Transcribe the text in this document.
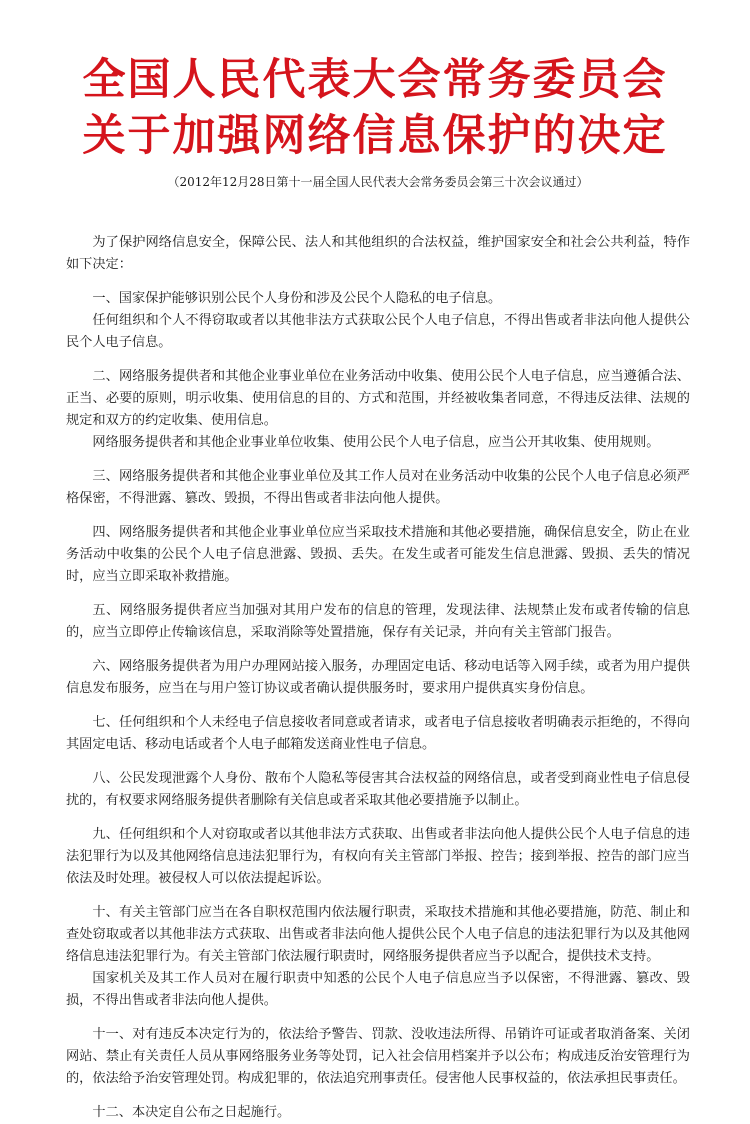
全国人民代表大会常务委员会
关于加强网络信息保护的决定
（2012年12月28日第十一届全国人民代表大会常务委员会第三十次会议通过）

为了保护网络信息安全，保障公民、法人和其他组织的合法权益，维护国家安全和社会公共利益，特作如下决定：

一、国家保护能够识别公民个人身份和涉及公民个人隐私的电子信息。

任何组织和个人不得窃取或者以其他非法方式获取公民个人电子信息，不得出售或者非法向他人提供公民个人电子信息。

二、网络服务提供者和其他企业事业单位在业务活动中收集、使用公民个人电子信息，应当遵循合法、正当、必要的原则，明示收集、使用信息的目的、方式和范围，并经被收集者同意，不得违反法律、法规的规定和双方的约定收集、使用信息。

网络服务提供者和其他企业事业单位收集、使用公民个人电子信息，应当公开其收集、使用规则。

三、网络服务提供者和其他企业事业单位及其工作人员对在业务活动中收集的公民个人电子信息必须严格保密，不得泄露、篡改、毁损，不得出售或者非法向他人提供。

四、网络服务提供者和其他企业事业单位应当采取技术措施和其他必要措施，确保信息安全，防止在业务活动中收集的公民个人电子信息泄露、毁损、丢失。在发生或者可能发生信息泄露、毁损、丢失的情况时，应当立即采取补救措施。

五、网络服务提供者应当加强对其用户发布的信息的管理，发现法律、法规禁止发布或者传输的信息的，应当立即停止传输该信息，采取消除等处置措施，保存有关记录，并向有关主管部门报告。

六、网络服务提供者为用户办理网站接入服务，办理固定电话、移动电话等入网手续，或者为用户提供信息发布服务，应当在与用户签订协议或者确认提供服务时，要求用户提供真实身份信息。

七、任何组织和个人未经电子信息接收者同意或者请求，或者电子信息接收者明确表示拒绝的，不得向其固定电话、移动电话或者个人电子邮箱发送商业性电子信息。

八、公民发现泄露个人身份、散布个人隐私等侵害其合法权益的网络信息，或者受到商业性电子信息侵扰的，有权要求网络服务提供者删除有关信息或者采取其他必要措施予以制止。

九、任何组织和个人对窃取或者以其他非法方式获取、出售或者非法向他人提供公民个人电子信息的违法犯罪行为以及其他网络信息违法犯罪行为，有权向有关主管部门举报、控告；接到举报、控告的部门应当依法及时处理。被侵权人可以依法提起诉讼。

十、有关主管部门应当在各自职权范围内依法履行职责，采取技术措施和其他必要措施，防范、制止和查处窃取或者以其他非法方式获取、出售或者非法向他人提供公民个人电子信息的违法犯罪行为以及其他网络信息违法犯罪行为。有关主管部门依法履行职责时，网络服务提供者应当予以配合，提供技术支持。

国家机关及其工作人员对在履行职责中知悉的公民个人电子信息应当予以保密，不得泄露、篡改、毁损，不得出售或者非法向他人提供。

十一、对有违反本决定行为的，依法给予警告、罚款、没收违法所得、吊销许可证或者取消备案、关闭网站、禁止有关责任人员从事网络服务业务等处罚，记入社会信用档案并予以公布；构成违反治安管理行为的，依法给予治安管理处罚。构成犯罪的，依法追究刑事责任。侵害他人民事权益的，依法承担民事责任。

十二、本决定自公布之日起施行。
